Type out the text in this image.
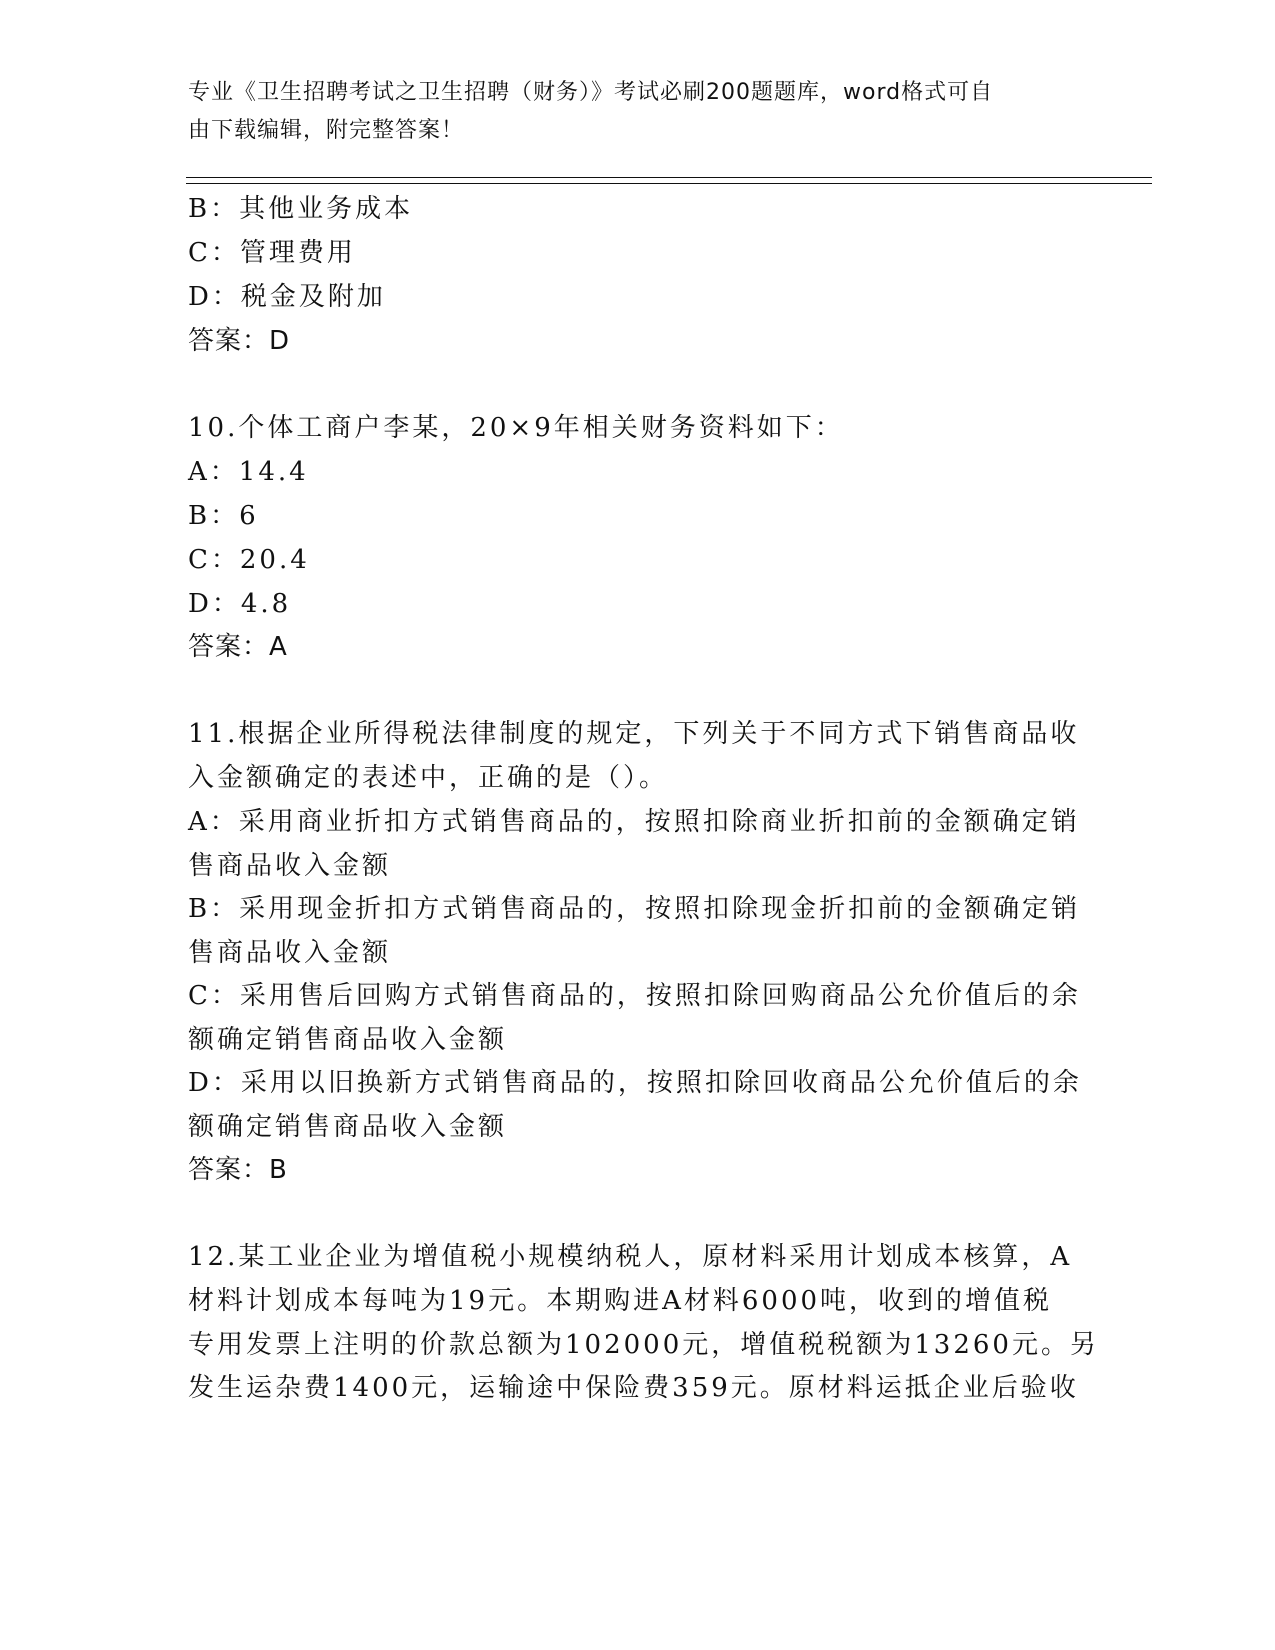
专业《卫生招聘考试之卫生招聘（财务）》考试必刷200题题库，word格式可自
由下载编辑，附完整答案！
B：其他业务成本
C：管理费用
D：税金及附加
答案：D
10.个体工商户李某，20×9年相关财务资料如下：
A：14.4
B：6
C：20.4
D：4.8
答案：A
11.根据企业所得税法律制度的规定，下列关于不同方式下销售商品收
入金额确定的表述中，正确的是（）。
A：采用商业折扣方式销售商品的，按照扣除商业折扣前的金额确定销
售商品收入金额
B：采用现金折扣方式销售商品的，按照扣除现金折扣前的金额确定销
售商品收入金额
C：采用售后回购方式销售商品的，按照扣除回购商品公允价值后的余
额确定销售商品收入金额
D：采用以旧换新方式销售商品的，按照扣除回收商品公允价值后的余
额确定销售商品收入金额
答案：B
12.某工业企业为增值税小规模纳税人，原材料采用计划成本核算，A
材料计划成本每吨为19元。本期购进A材料6000吨，收到的增值税
专用发票上注明的价款总额为102000元，增值税税额为13260元。另
发生运杂费1400元，运输途中保险费359元。原材料运抵企业后验收
